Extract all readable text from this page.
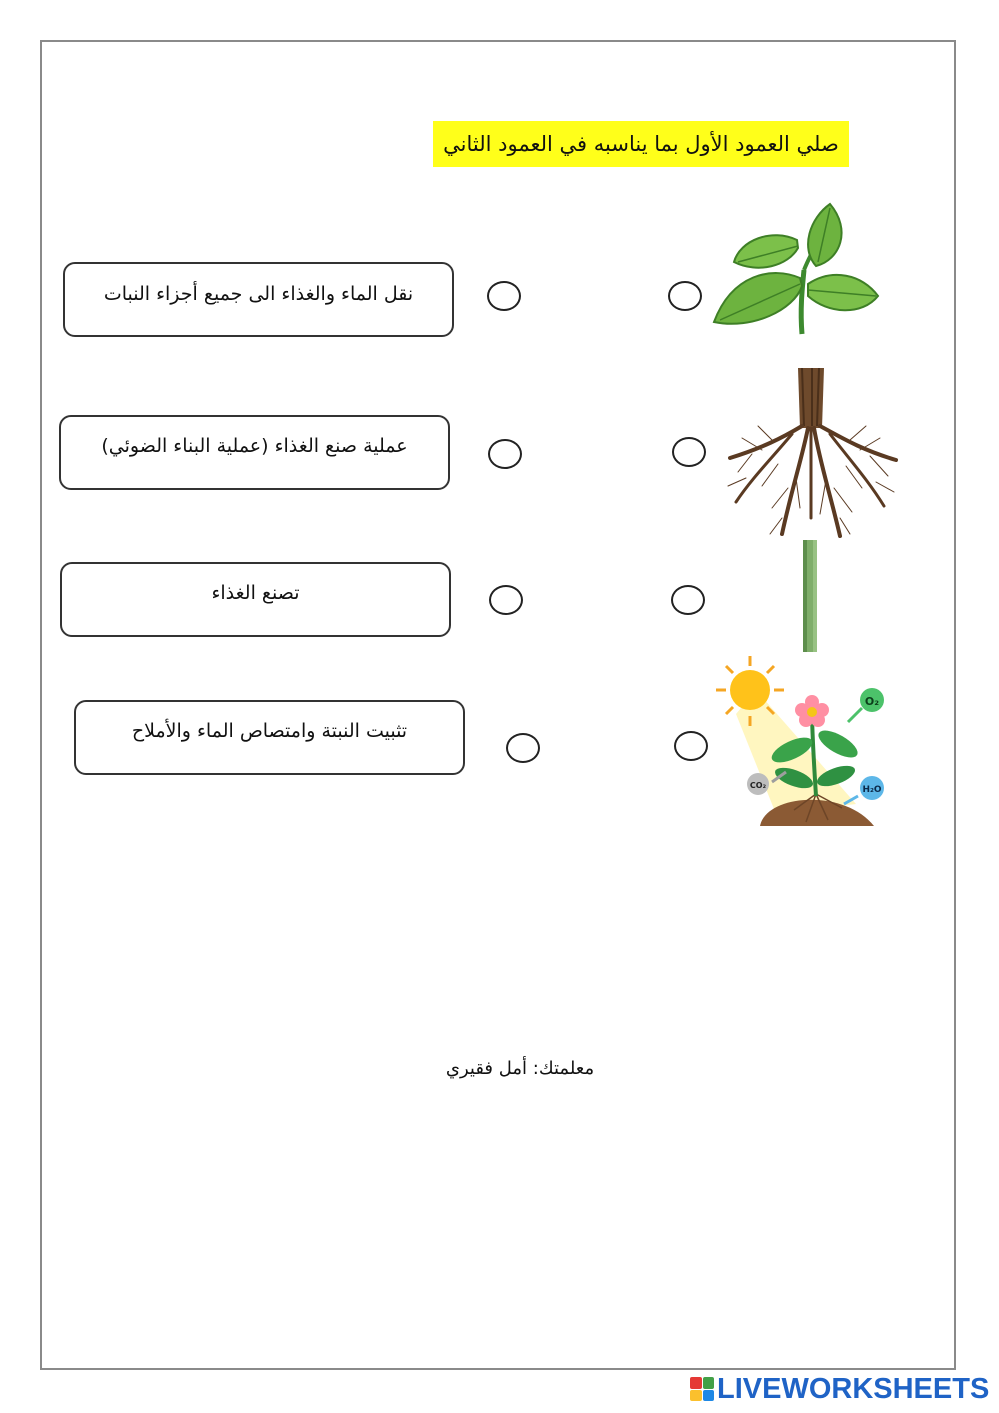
صلي العمود الأول بما يناسبه في العمود الثاني
نقل الماء والغذاء الى جميع أجزاء النبات
عملية صنع الغذاء (عملية البناء الضوئي)
تصنع الغذاء
تثبيت النبتة وامتصاص الماء والأملاح
O₂
CO₂	H₂O
معلمتك: أمل فقيري
LIVEWORKSHEETS
